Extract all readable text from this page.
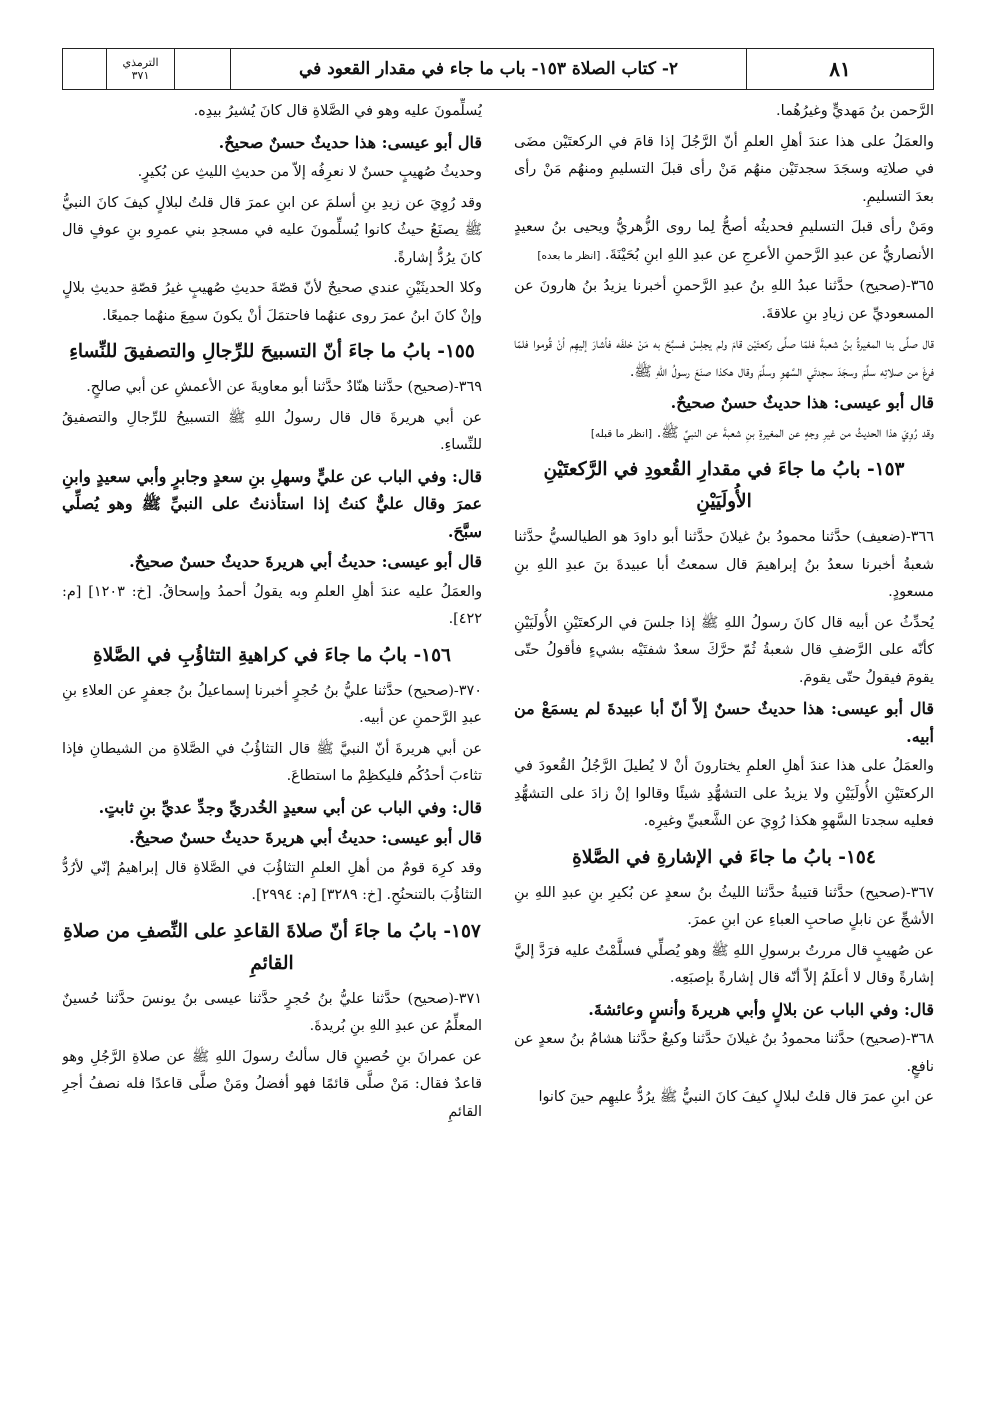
الترمذي
٣٧١	٢- كتاب الصلاة ١٥٣- باب ما جاء في مقدار القعود في	٨١

الرَّحمن بنُ مَهديٍّ وغيرُهُما.

والعمَلُ على هذا عندَ أهلِ العلمِ أنّ الرَّجُلَ إذا قامَ في الركعتَيْن مضَى في صلاتِه وسجَدَ سجدتَيْن منهُم مَنْ رأى قبلَ التسليمِ ومنهُم مَنْ رأى بعدَ التسليمِ.

ومَنْ رأى قبلَ التسليمِ فحديثُه أصحُّ لِما روى الزُّهريُّ ويحيى بنُ سعيدٍ الأنصاريُّ عن عبدِ الرَّحمنِ الأعرجِ عن عبدِ اللهِ ابنِ بُحَيْنَةَ. [انظر ما بعده]

٣٦٥-(صحيح) حدَّثنا عبدُ اللهِ بنُ عبدِ الرَّحمنِ أخبرنا يزيدُ بنُ هارونَ عن المسعوديِّ عن زيادِ بنِ علاقةَ.

قال صلَّى بنا المغيرةُ بنُ شعبةَ فلمّا صلَّى ركعتَيْن قامَ ولم يجلِسْ فسبَّحَ به مَنْ خلفَه فأشارَ إليهِم أنْ قُوموا فلمّا فرغَ من صلاتِه سلَّمَ وسجَدَ سجدتَي السَّهوِ وسلَّمَ وقال هكذا صنَعَ رسولُ اللهِ ﷺ.

قال أبو عيسى: هذا حديثٌ حسنٌ صحيحٌ.

وقد رُوِيَ هذا الحديثُ من غيرِ وجهٍ عن المغيرةِ بنِ شعبةَ عن النبيِّ ﷺ. [انظر ما قبله]

١٥٣- بابُ ما جاءَ في مقدارِ القُعودِ في الرَّكعتَيْنِ الأُولَيَيْنِ

٣٦٦-(ضعيف) حدَّثنا محمودُ بنُ غيلانَ حدَّثنا أبو داودَ هو الطيالسيُّ حدَّثنا شعبةُ أخبرنا سعدُ بنُ إبراهيمَ قال سمعتُ أبا عبيدةَ بنَ عبدِ اللهِ بنِ مسعودٍ.

يُحدِّثُ عن أبيه قال كانَ رسولُ اللهِ ﷺ إذا جلسَ في الركعتَيْنِ الأُولَيَيْنِ كأنّه على الرَّضفِ قال شعبةُ ثُمّ حرَّكَ سعدٌ شفتَيْه بشيءٍ فأقولُ حتّى يقومَ فيقولُ حتّى يقومَ.

قال أبو عيسى: هذا حديثٌ حسنٌ إلاّ أنّ أبا عبيدةَ لم يسمَعْ من أبيه.

والعمَلُ على هذا عندَ أهلِ العلمِ يختارونَ أنْ لا يُطيلَ الرَّجُلُ القُعودَ في الركعتَيْنِ الأُولَيَيْنِ ولا يزيدُ على التشهُّدِ شيئًا وقالوا إنْ زادَ على التشهُّدِ فعليه سجدتا السَّهوِ هكذا رُوِيَ عن الشَّعبيِّ وغيرِه.

١٥٤- بابُ ما جاءَ في الإشارةِ في الصَّلاةِ

٣٦٧-(صحيح) حدَّثنا قتيبةُ حدَّثنا الليثُ بنُ سعدٍ عن بُكيرِ بنِ عبدِ اللهِ بنِ الأشجِّ عن نابلٍ صاحبِ العباءِ عن ابنِ عمرَ.

عن صُهيبٍ قال مررتُ برسولِ اللهِ ﷺ وهو يُصلِّي فسلَّمْتُ عليه فرَدَّ إليَّ إشارةً وقال لا أعلَمُ إلاّ أنّه قال إشارةً بإصبَعِه.

قال: وفي الباب عن بلالٍ وأبي هريرةَ وأنسٍ وعائشةَ.

٣٦٨-(صحيح) حدَّثنا محمودُ بنُ غيلانَ حدَّثنا وكيعٌ حدَّثنا هشامُ بنُ سعدٍ عن نافعٍ.

عن ابنِ عمرَ قال قلتُ لبلالٍ كيفَ كانَ النبيُّ ﷺ يرُدُّ عليهِم حينَ كانوا

يُسلِّمونَ عليه وهو في الصَّلاةِ قال كانَ يُشيرُ بيدِه.

قال أبو عيسى: هذا حديثٌ حسنٌ صحيحٌ.

وحديثُ صُهيبٍ حسنٌ لا نعرِفُه إلاّ من حديثِ الليثِ عن بُكيرٍ.

وقد رُوِيَ عن زيدِ بنِ أسلمَ عن ابنِ عمرَ قال قلتُ لبلالٍ كيفَ كانَ النبيُّ ﷺ يصنَعُ حيثُ كانوا يُسلِّمونَ عليه في مسجدِ بني عمرِو بنِ عوفٍ قال كانَ يرُدُّ إشارةً.

وكلا الحديثَيْنِ عندي صحيحٌ لأنّ قصّةَ حديثِ صُهيبٍ غيرُ قصّةِ حديثِ بلالٍ وإنْ كانَ ابنُ عمرَ روى عنهُما فاحتمَلَ أنْ يكونَ سمِعَ منهُما جميعًا.

١٥٥- بابُ ما جاءَ أنّ التسبيحَ للرِّجالِ والتصفيقَ للنِّساءِ

٣٦٩-(صحيح) حدَّثنا هنّادٌ حدَّثنا أبو معاويةَ عن الأعمشِ عن أبي صالحٍ.

عن أبي هريرةَ قال قال رسولُ اللهِ ﷺ التسبيحُ للرِّجالِ والتصفيقُ للنِّساءِ.

قال: وفي الباب عن عليٍّ وسهلِ بنِ سعدٍ وجابرٍ وأبي سعيدٍ وابنِ عمرَ وقال عليٌّ كنتُ إذا استأذنتُ على النبيِّ ﷺ وهو يُصلِّي سبَّحَ.

قال أبو عيسى: حديثُ أبي هريرةَ حديثٌ حسنٌ صحيحٌ.

والعمَلُ عليه عندَ أهلِ العلمِ وبه يقولُ أحمدُ وإسحاقُ. [خ: ١٢٠٣] [م: ٤٢٢].

١٥٦- بابُ ما جاءَ في كراهيةِ التثاؤُبِ في الصَّلاةِ

٣٧٠-(صحيح) حدَّثنا عليُّ بنُ حُجرٍ أخبرنا إسماعيلُ بنُ جعفرٍ عن العلاءِ بنِ عبدِ الرَّحمنِ عن أبيه.

عن أبي هريرةَ أنّ النبيَّ ﷺ قال التثاؤُبُ في الصَّلاةِ من الشيطانِ فإذا تثاءبَ أحدُكُم فليكظِمْ ما استطاعَ.

قال: وفي الباب عن أبي سعيدٍ الخُدريِّ وجدِّ عديِّ بنِ ثابتٍ.

قال أبو عيسى: حديثُ أبي هريرةَ حديثٌ حسنٌ صحيحٌ.

وقد كرِهَ قومٌ من أهلِ العلمِ التثاؤُبَ في الصَّلاةِ قال إبراهيمُ إنّي لأرُدُّ التثاؤُبَ بالتنحنُحِ. [خ: ٣٢٨٩] [م: ٢٩٩٤].

١٥٧- بابُ ما جاءَ أنّ صلاةَ القاعدِ على النِّصفِ من صلاةِ القائمِ

٣٧١-(صحيح) حدَّثنا عليُّ بنُ حُجرٍ حدَّثنا عيسى بنُ يونسَ حدَّثنا حُسينٌ المعلِّمُ عن عبدِ اللهِ بنِ بُريدةَ.

عن عمرانَ بنِ حُصينٍ قال سألتُ رسولَ اللهِ ﷺ عن صلاةِ الرَّجُلِ وهو قاعدٌ فقال: مَنْ صلَّى قائمًا فهو أفضلُ ومَنْ صلَّى قاعدًا فله نصفُ أجرِ القائمِ
